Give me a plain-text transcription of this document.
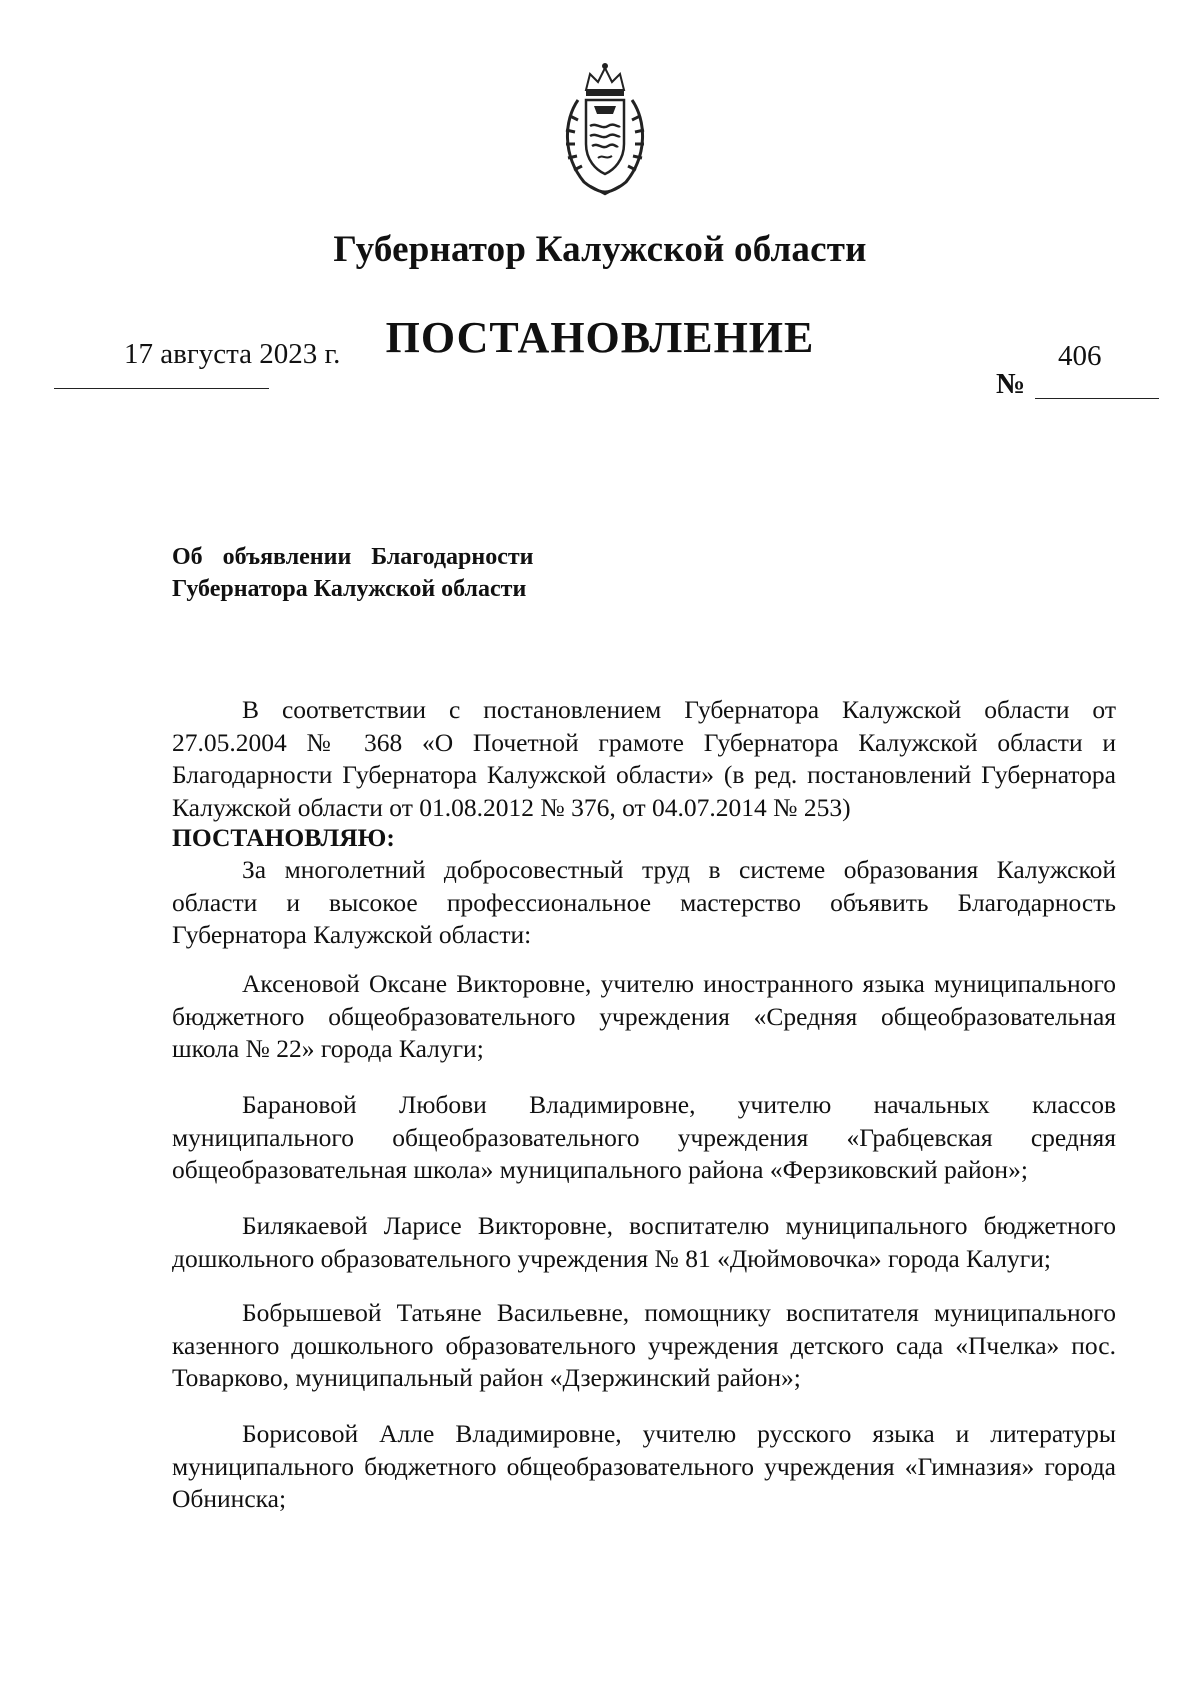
Губернатор Калужской области
ПОСТАНОВЛЕНИЕ
17 августа 2023 г.	406
№
Об объявлении Благодарности
Губернатора Калужской области
В соответствии с постановлением Губернатора Калужской области от 27.05.2004 № 368 «О Почетной грамоте Губернатора Калужской области и Благодарности Губернатора Калужской области» (в ред. постановлений Губернатора Калужской области от 01.08.2012 № 376, от 04.07.2014 № 253)
ПОСТАНОВЛЯЮ:
За многолетний добросовестный труд в системе образования Калужской области и высокое профессиональное мастерство объявить Благодарность Губернатора Калужской области:
Аксеновой Оксане Викторовне, учителю иностранного языка муниципального бюджетного общеобразовательного учреждения «Средняя общеобразовательная школа № 22» города Калуги;
Барановой Любови Владимировне, учителю начальных классов муниципального общеобразовательного учреждения «Грабцевская средняя общеобразовательная школа» муниципального района «Ферзиковский район»;
Билякаевой Ларисе Викторовне, воспитателю муниципального бюджетного дошкольного образовательного учреждения № 81 «Дюймовочка» города Калуги;
Бобрышевой Татьяне Васильевне, помощнику воспитателя муниципального казенного дошкольного образовательного учреждения детского сада «Пчелка» пос. Товарково, муниципальный район «Дзержинский район»;
Борисовой Алле Владимировне, учителю русского языка и литературы муниципального бюджетного общеобразовательного учреждения «Гимназия» города Обнинска;
